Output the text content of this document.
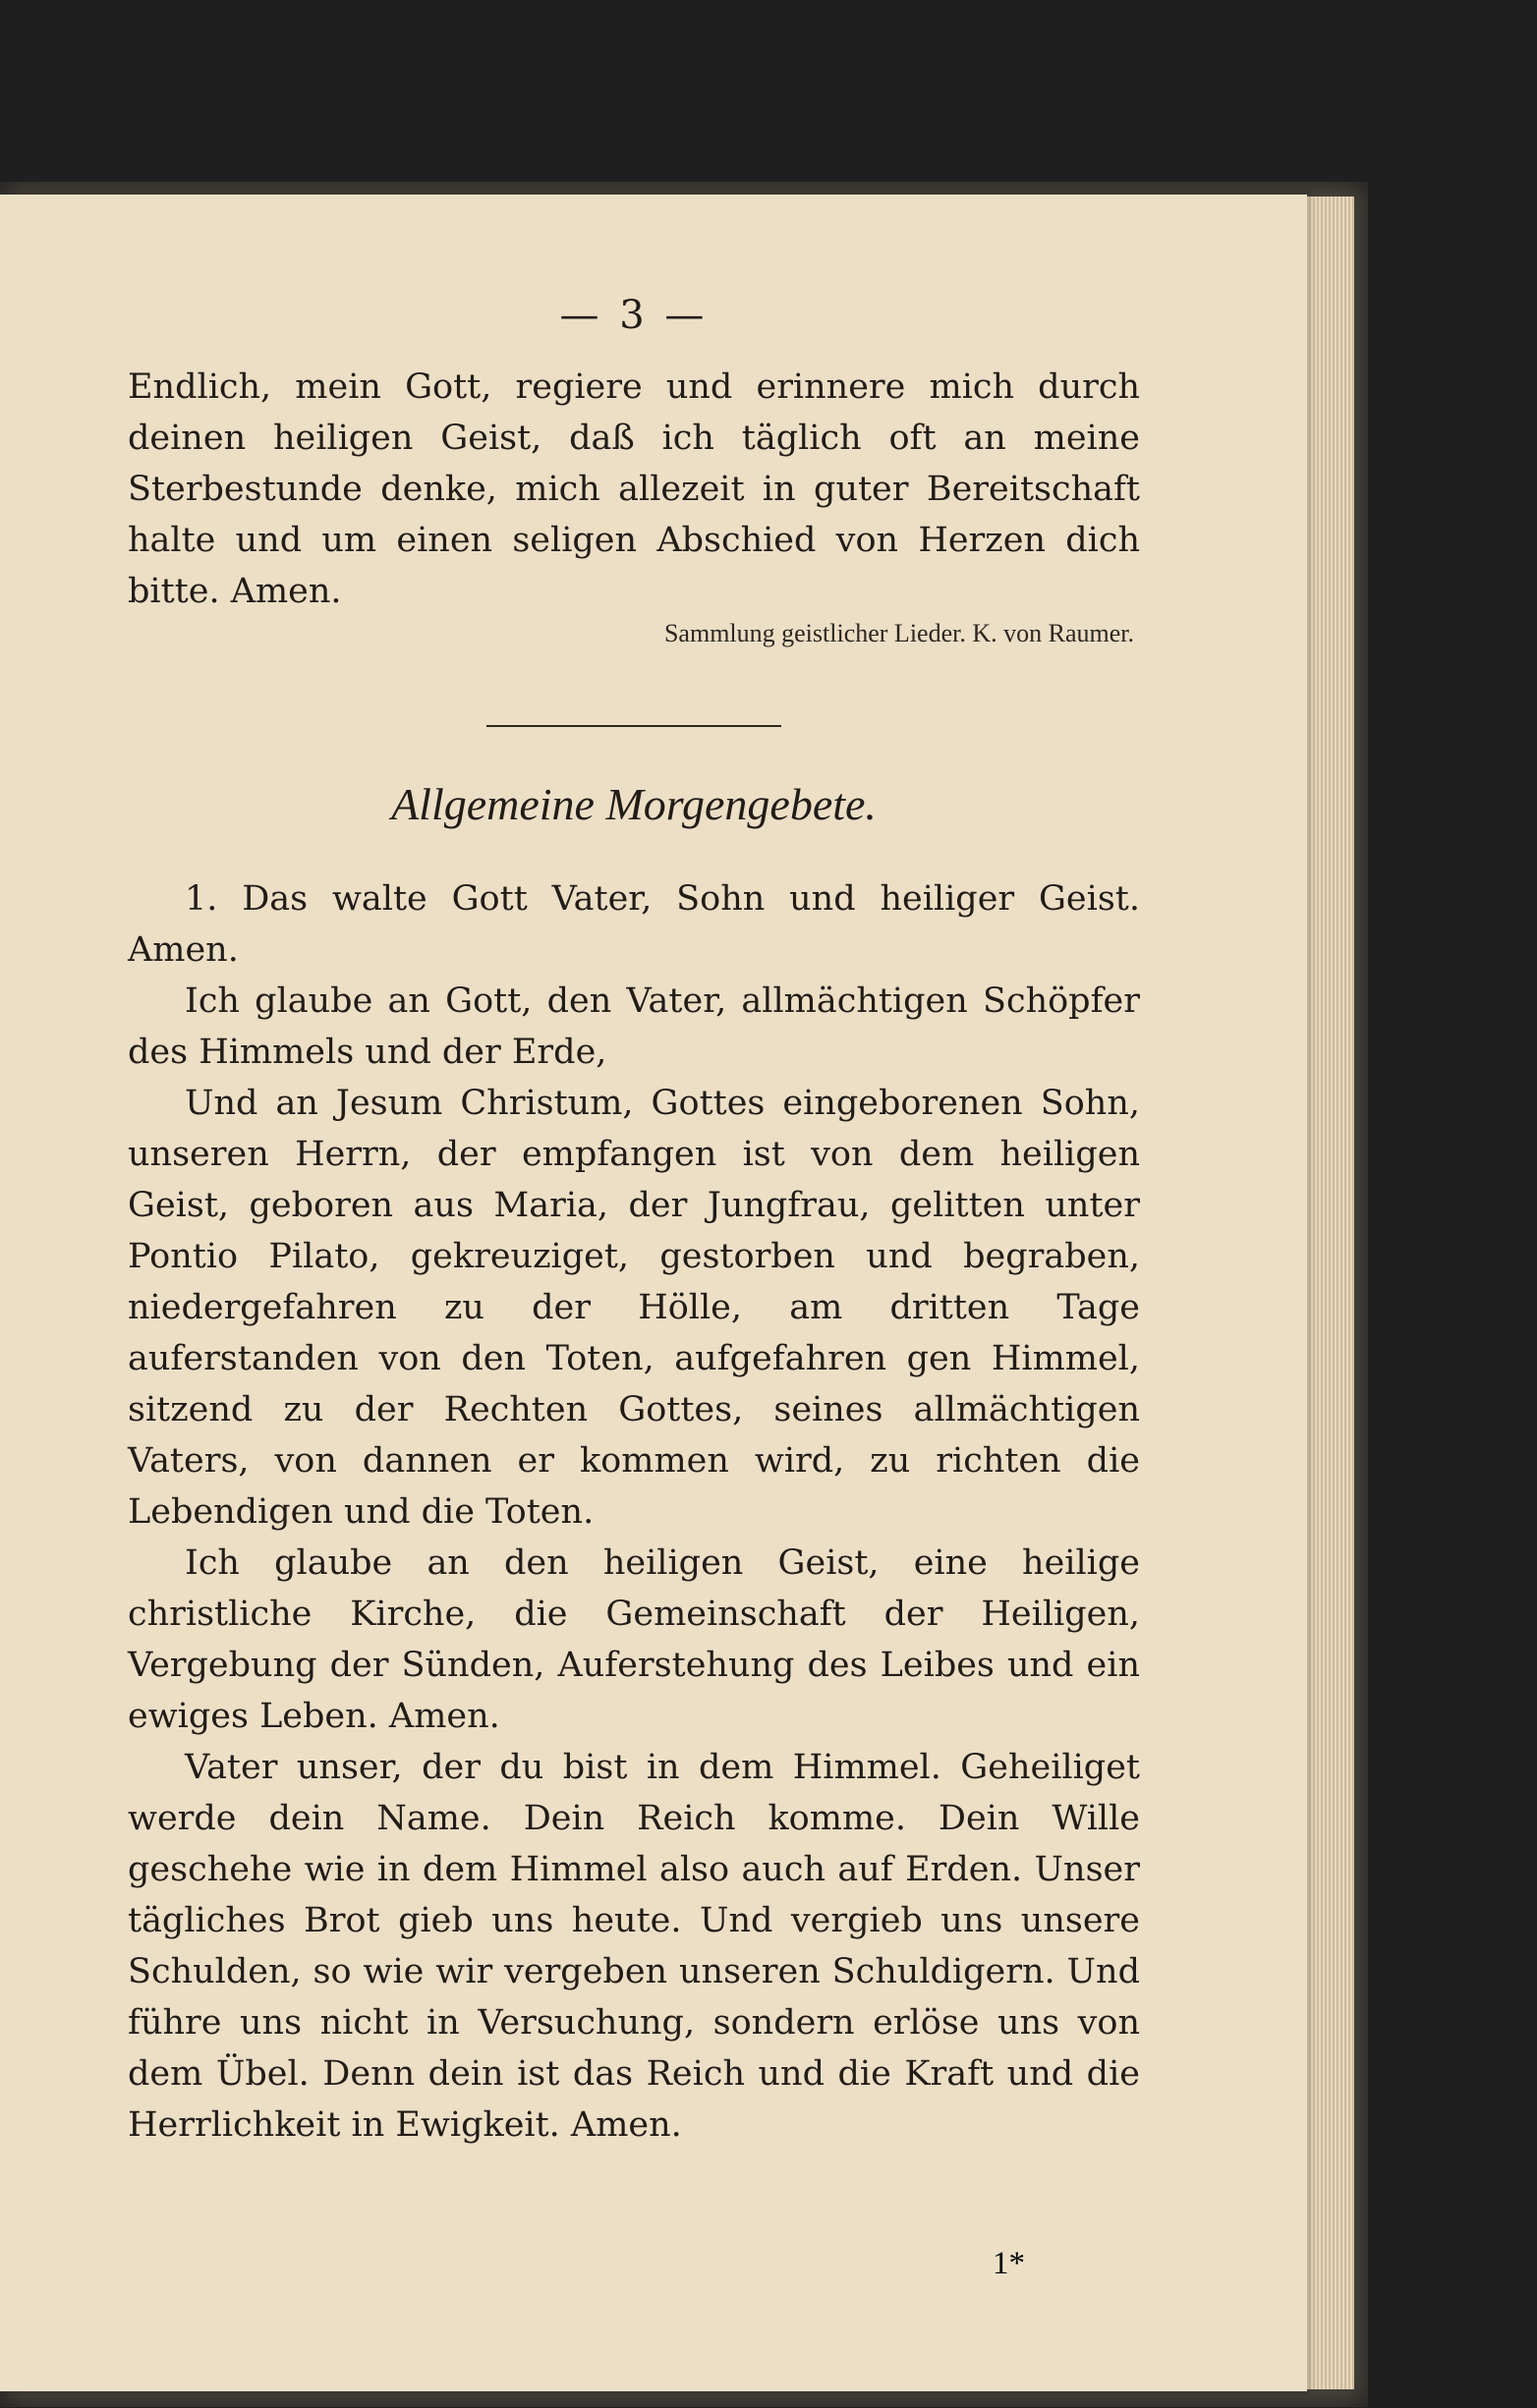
— 3 —

Endlich, mein Gott, regiere und erinnere mich durch deinen heiligen Geist, daß ich täglich oft an meine Sterbestunde denke, mich allezeit in guter Bereitschaft halte und um einen seligen Abschied von Herzen dich bitte. Amen.

Sammlung geistlicher Lieder. K. von Raumer.
Allgemeine Morgengebete.

1. Das walte Gott Vater, Sohn und heiliger Geist. Amen.

Ich glaube an Gott, den Vater, allmächtigen Schöpfer des Himmels und der Erde,

Und an Jesum Christum, Gottes eingeborenen Sohn, unseren Herrn, der empfangen ist von dem heiligen Geist, geboren aus Maria, der Jungfrau, gelitten unter Pontio Pilato, gekreuziget, gestorben und begraben, niedergefahren zu der Hölle, am dritten Tage auferstanden von den Toten, aufgefahren gen Himmel, sitzend zu der Rechten Gottes, seines allmächtigen Vaters, von dannen er kommen wird, zu richten die Lebendigen und die Toten.

Ich glaube an den heiligen Geist, eine heilige christliche Kirche, die Gemeinschaft der Heiligen, Vergebung der Sünden, Auferstehung des Leibes und ein ewiges Leben. Amen.

Vater unser, der du bist in dem Himmel. Geheiliget werde dein Name. Dein Reich komme. Dein Wille geschehe wie in dem Himmel also auch auf Erden. Unser tägliches Brot gieb uns heute. Und vergieb uns unsere Schulden, so wie wir vergeben unseren Schuldigern. Und führe uns nicht in Versuchung, sondern erlöse uns von dem Übel. Denn dein ist das Reich und die Kraft und die Herrlichkeit in Ewigkeit. Amen.

1*
